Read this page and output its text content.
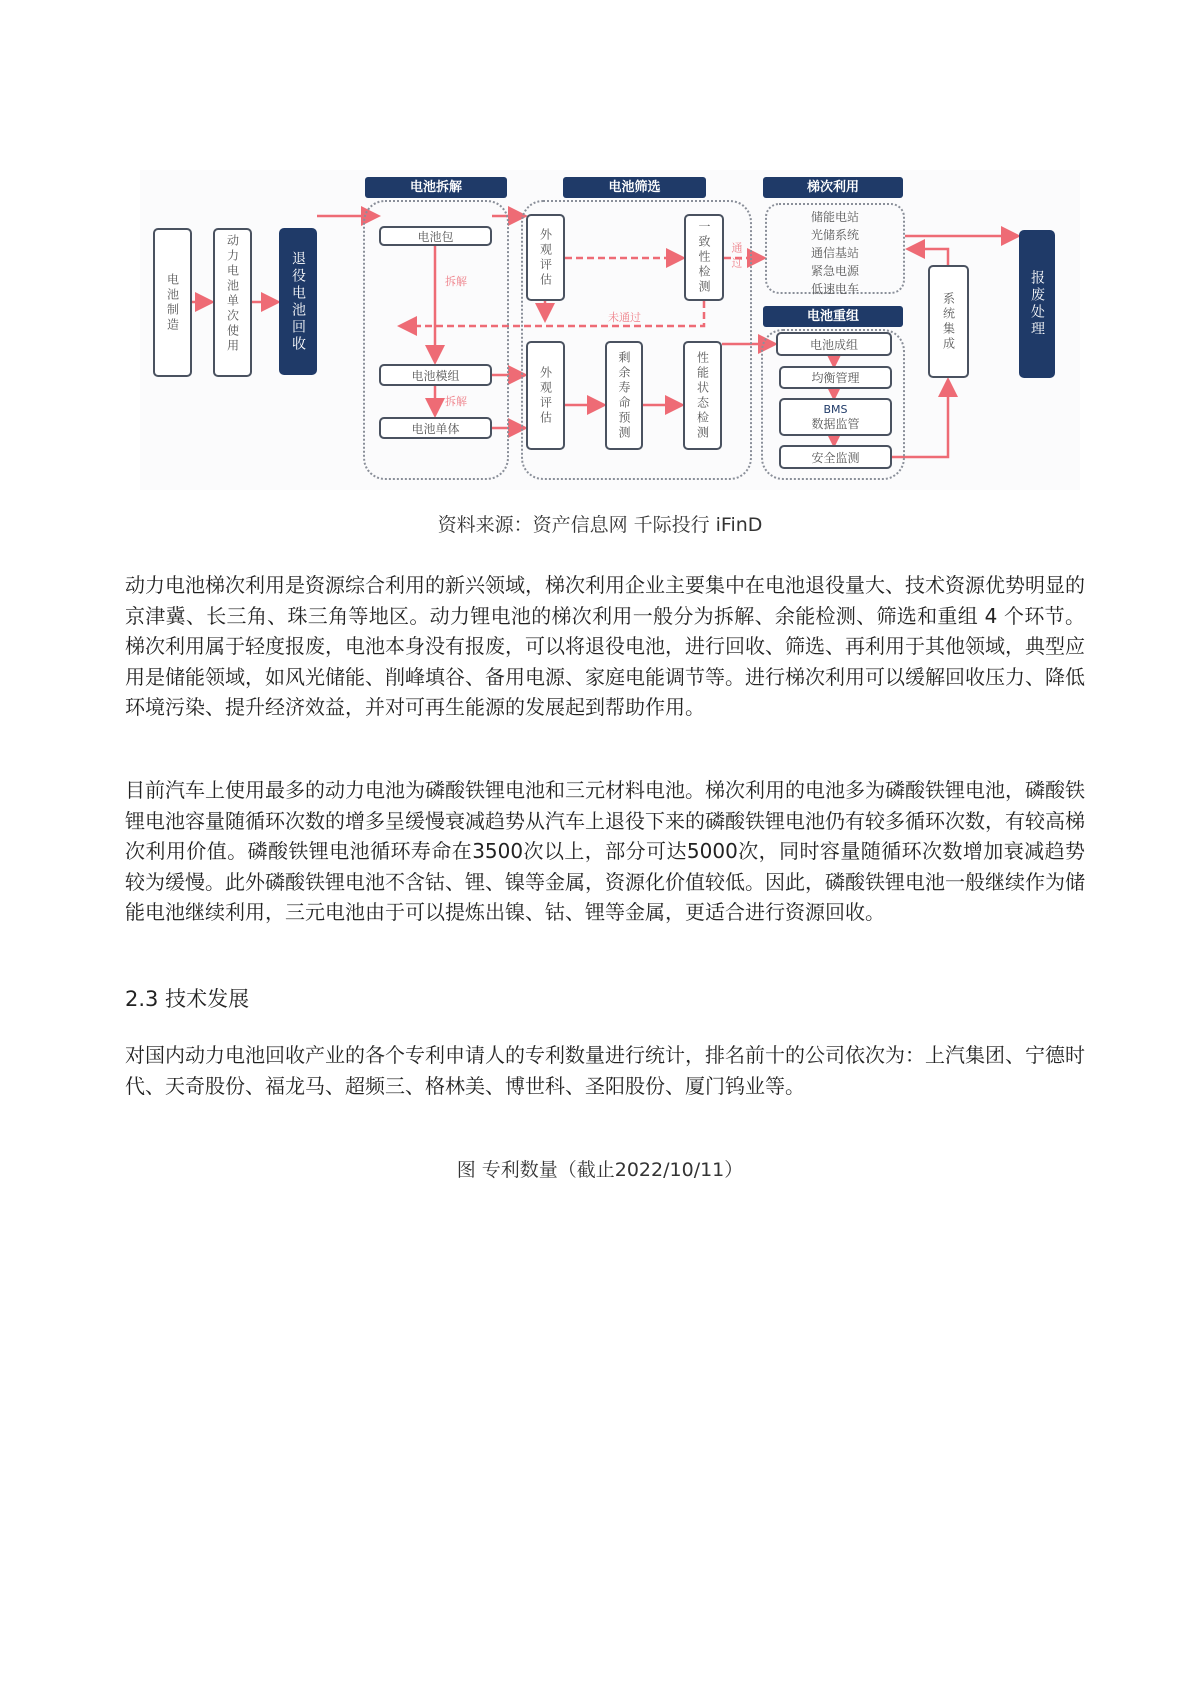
电池拆解	电池筛选	梯次利用
电池重组
电池制造	动力电池单次使用	退役电池回收
电池包
拆解
电池模组
拆解
电池单体
外观评估	一致性检测	通过
未通过
外观评估	剩余寿命预测	性能状态检测
储能电站
光储系统
通信基站
紧急电源
低速电车
电池成组
均衡管理
BMS
数据监管
安全监测
系统集成	报废处理
资料来源：资产信息网 千际投行 iFinD
动力电池梯次利用是资源综合利用的新兴领域，梯次利用企业主要集中在电池退役量大、技术资源优势明显的京津冀、长三角、珠三角等地区。动力锂电池的梯次利用一般分为拆解、余能检测、筛选和重组 4 个环节。梯次利用属于轻度报废，电池本身没有报废，可以将退役电池，进行回收、筛选、再利用于其他领域，典型应用是储能领域，如风光储能、削峰填谷、备用电源、家庭电能调节等。进行梯次利用可以缓解回收压力、降低环境污染、提升经济效益，并对可再生能源的发展起到帮助作用。
目前汽车上使用最多的动力电池为磷酸铁锂电池和三元材料电池。梯次利用的电池多为磷酸铁锂电池，磷酸铁锂电池容量随循环次数的增多呈缓慢衰减趋势从汽车上退役下来的磷酸铁锂电池仍有较多循环次数，有较高梯次利用价值。磷酸铁锂电池循环寿命在3500次以上，部分可达5000次，同时容量随循环次数增加衰减趋势较为缓慢。此外磷酸铁锂电池不含钴、锂、镍等金属，资源化价值较低。因此，磷酸铁锂电池一般继续作为储能电池继续利用，三元电池由于可以提炼出镍、钴、锂等金属，更适合进行资源回收。
2.3 技术发展
对国内动力电池回收产业的各个专利申请人的专利数量进行统计，排名前十的公司依次为：上汽集团、宁德时代、天奇股份、福龙马、超频三、格林美、博世科、圣阳股份、厦门钨业等。
图 专利数量（截止2022/10/11）
